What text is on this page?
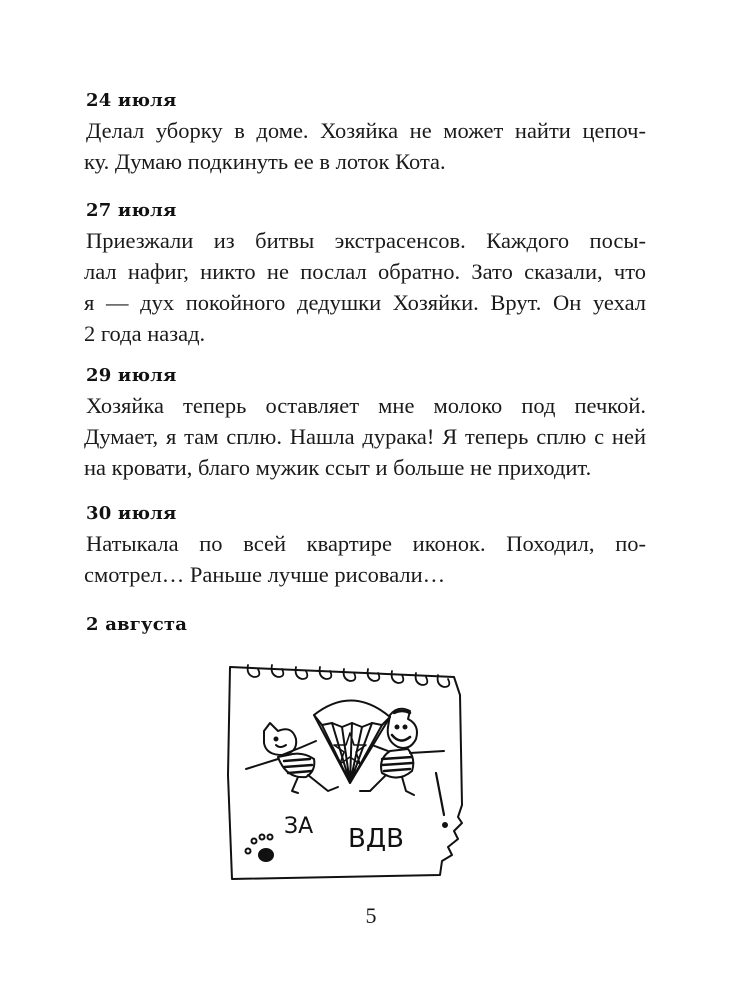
24 июля

Делал уборку в доме. Хозяйка не может найти цепоч-
ку. Думаю подкинуть ее в лоток Кота.

27 июля

Приезжали из битвы экстрасенсов. Каждого посы-
лал нафиг, никто не послал обратно. Зато сказали, что
я — дух покойного дедушки Хозяйки. Врут. Он уехал
2 года назад.

29 июля

Хозяйка теперь оставляет мне молоко под печкой.
Думает, я там сплю. Нашла дурака! Я теперь сплю с ней
на кровати, благо мужик ссыт и больше не приходит.

30 июля

Натыкала по всей квартире иконок. Походил, по-
смотрел… Раньше лучше рисовали…

2 августа
ЗА ВДВ
5
